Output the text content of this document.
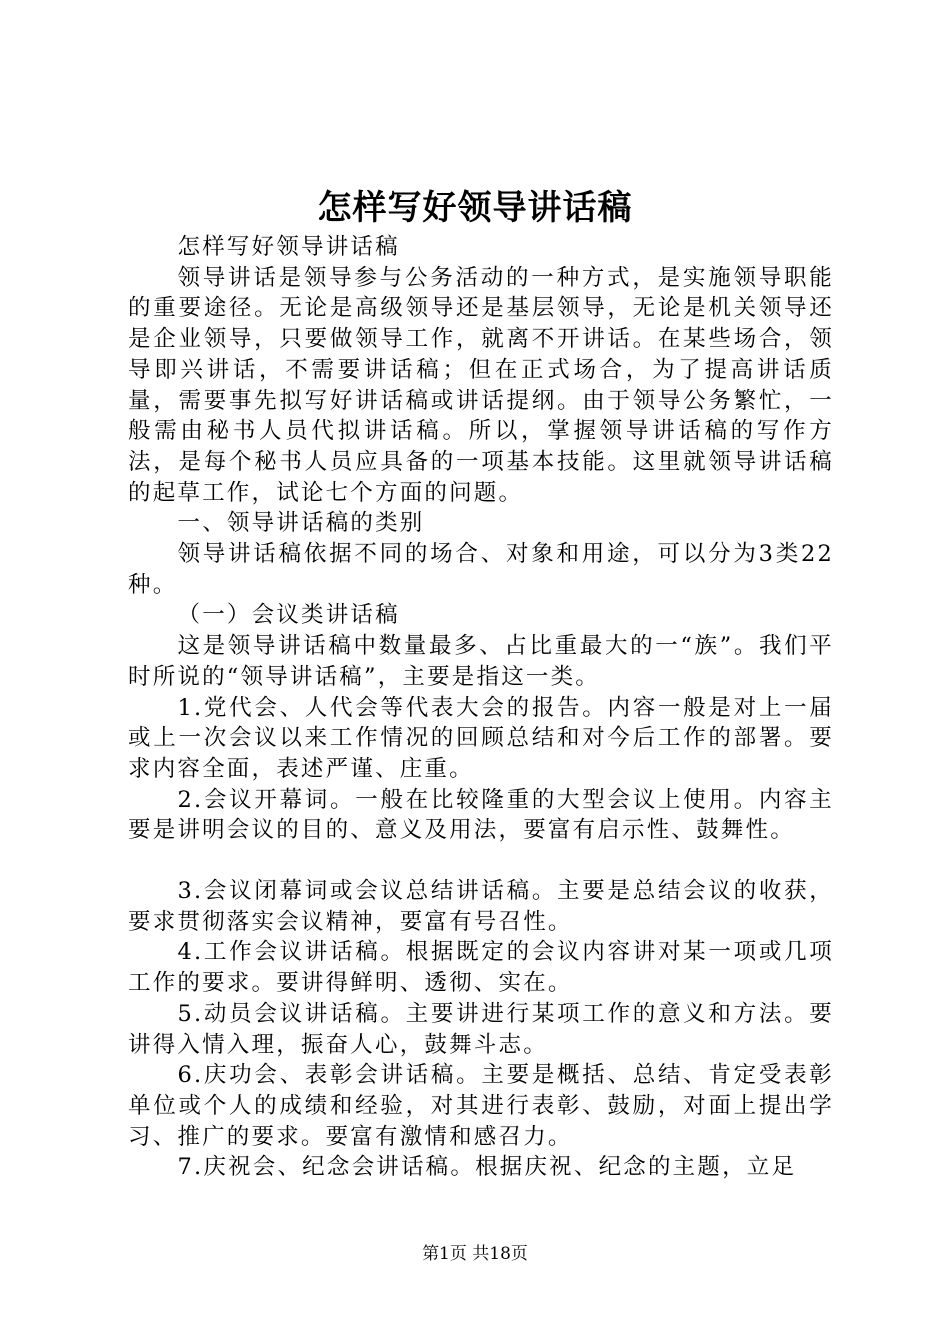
怎样写好领导讲话稿

怎样写好领导讲话稿

领导讲话是领导参与公务活动的一种方式，是实施领导职能的重要途径。无论是高级领导还是基层领导，无论是机关领导还是企业领导，只要做领导工作，就离不开讲话。在某些场合，领导即兴讲话，不需要讲话稿；但在正式场合，为了提高讲话质量，需要事先拟写好讲话稿或讲话提纲。由于领导公务繁忙，一般需由秘书人员代拟讲话稿。所以，掌握领导讲话稿的写作方法，是每个秘书人员应具备的一项基本技能。这里就领导讲话稿的起草工作，试论七个方面的问题。

一、领导讲话稿的类别

领导讲话稿依据不同的场合、对象和用途，可以分为3类22种。

（一）会议类讲话稿

这是领导讲话稿中数量最多、占比重最大的一“族”。我们平时所说的“领导讲话稿”，主要是指这一类。

1.党代会、人代会等代表大会的报告。内容一般是对上一届或上一次会议以来工作情况的回顾总结和对今后工作的部署。要求内容全面，表述严谨、庄重。

2.会议开幕词。一般在比较隆重的大型会议上使用。内容主要是讲明会议的目的、意义及用法，要富有启示性、鼓舞性。

3.会议闭幕词或会议总结讲话稿。主要是总结会议的收获，要求贯彻落实会议精神，要富有号召性。

4.工作会议讲话稿。根据既定的会议内容讲对某一项或几项工作的要求。要讲得鲜明、透彻、实在。

5.动员会议讲话稿。主要讲进行某项工作的意义和方法。要讲得入情入理，振奋人心，鼓舞斗志。

6.庆功会、表彰会讲话稿。主要是概括、总结、肯定受表彰单位或个人的成绩和经验，对其进行表彰、鼓励，对面上提出学习、推广的要求。要富有激情和感召力。

7.庆祝会、纪念会讲话稿。根据庆祝、纪念的主题，立足

第1页 共18页
